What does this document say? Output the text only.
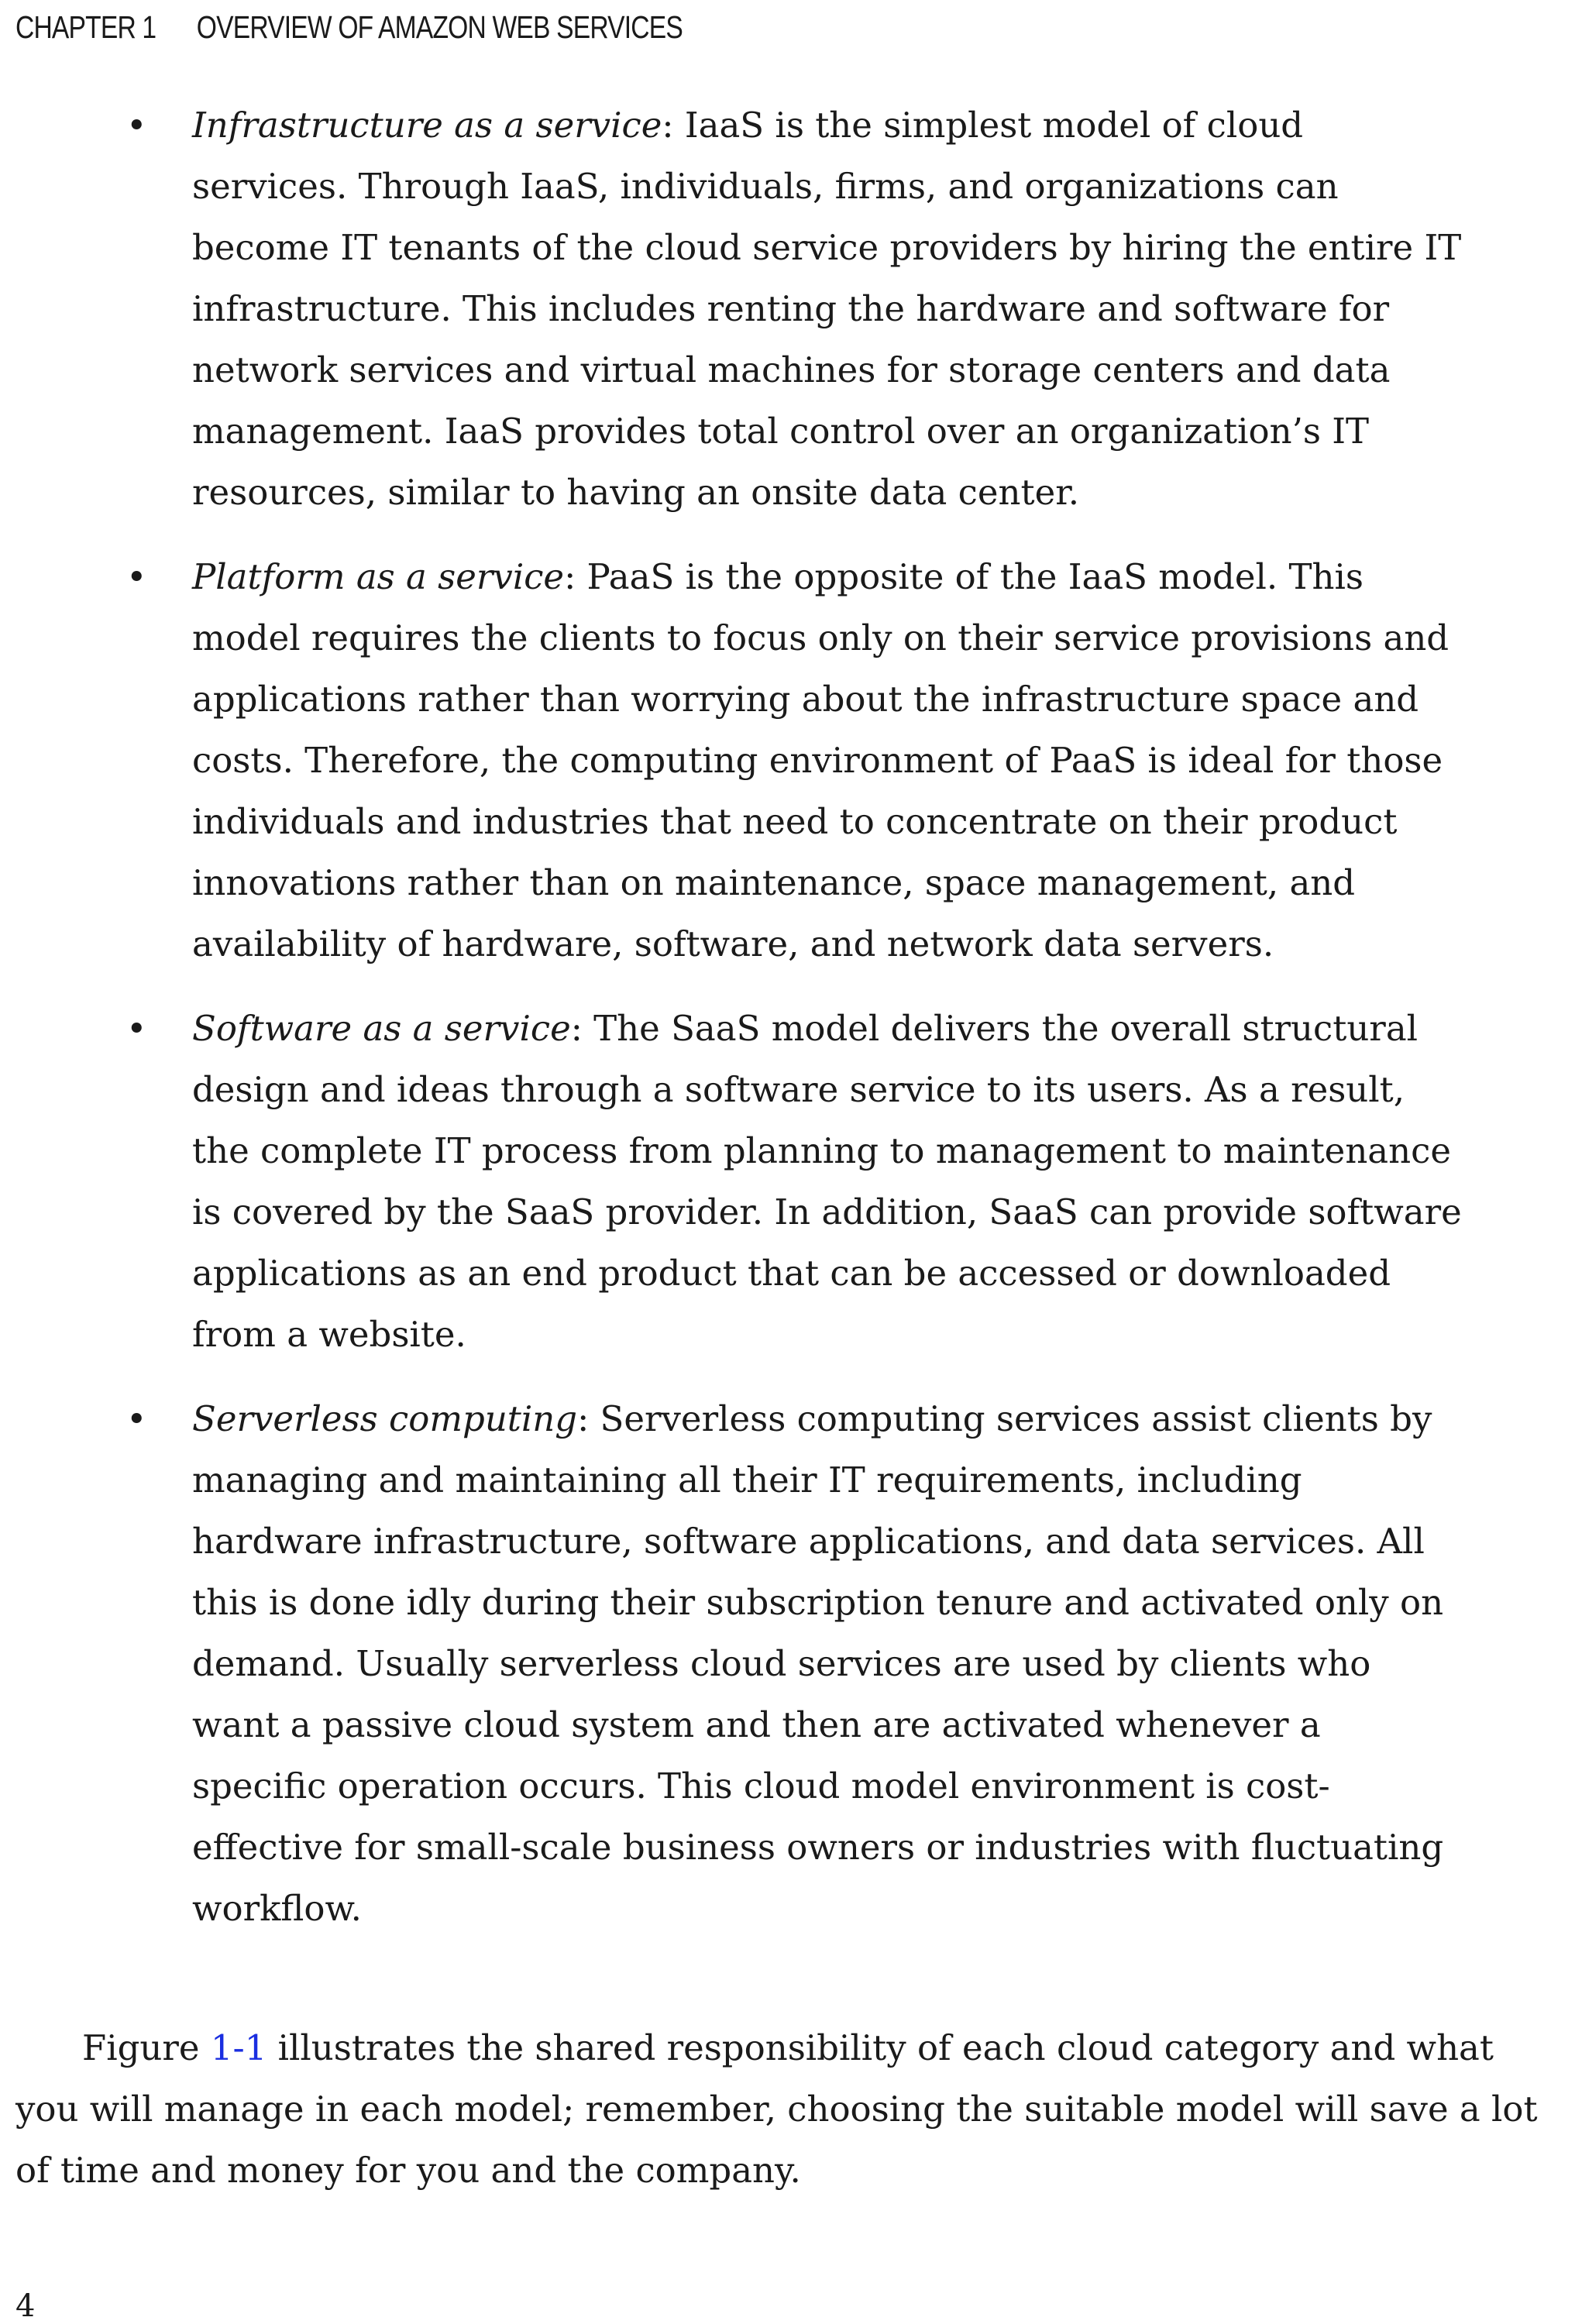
CHAPTER 1 OVERVIEW OF AMAZON WEB SERVICES
• Infrastructure as a service: IaaS is the simplest model of cloud services. Through IaaS, individuals, firms, and organizations can become IT tenants of the cloud service providers by hiring the entire IT infrastructure. This includes renting the hardware and software for network services and virtual machines for storage centers and data management. IaaS provides total control over an organization’s IT resources, similar to having an onsite data center.
• Platform as a service: PaaS is the opposite of the IaaS model. This model requires the clients to focus only on their service provisions and applications rather than worrying about the infrastructure space and costs. Therefore, the computing environment of PaaS is ideal for those individuals and industries that need to concentrate on their product innovations rather than on maintenance, space management, and availability of hardware, software, and network data servers.
• Software as a service: The SaaS model delivers the overall structural design and ideas through a software service to its users. As a result, the complete IT process from planning to management to maintenance is covered by the SaaS provider. In addition, SaaS can provide software applications as an end product that can be accessed or downloaded from a website.
• Serverless computing: Serverless computing services assist clients by managing and maintaining all their IT requirements, including hardware infrastructure, software applications, and data services. All this is done idly during their subscription tenure and activated only on demand. Usually serverless cloud services are used by clients who want a passive cloud system and then are activated whenever a specific operation occurs. This cloud model environment is cost-effective for small-scale business owners or industries with fluctuating workflow.

Figure 1-1 illustrates the shared responsibility of each cloud category and what you will manage in each model; remember, choosing the suitable model will save a lot of time and money for you and the company.

4
